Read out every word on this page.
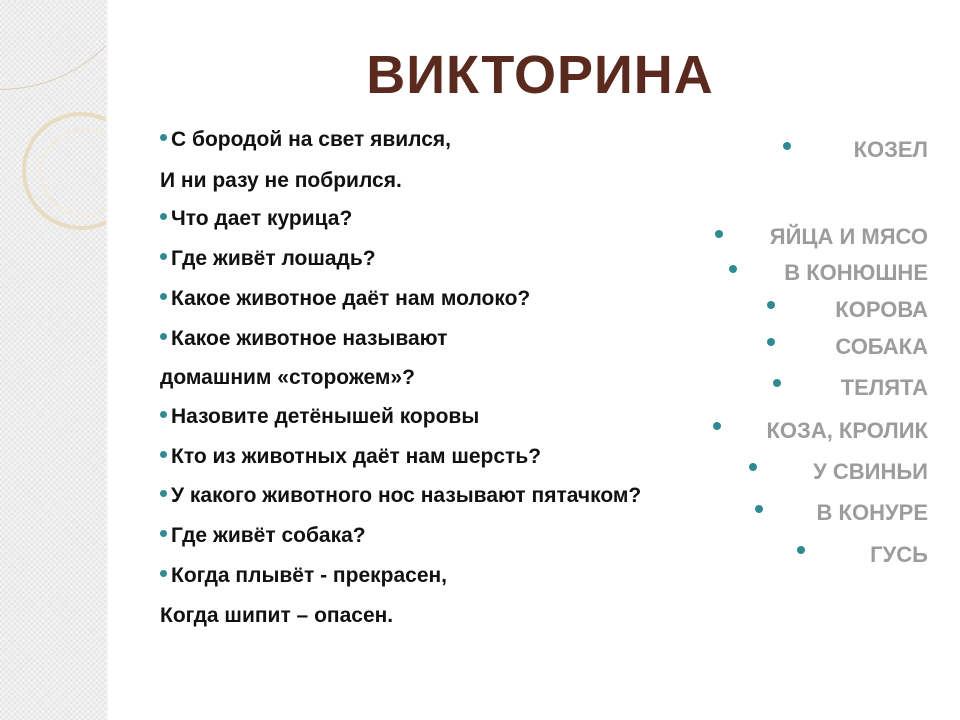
ВИКТОРИНА
С бородой на свет явился,
И ни разу не побрился.
Что дает курица?
Где живёт лошадь?
Какое животное даёт нам молоко?
Какое животное называют
домашним «сторожем»?
Назовите детёнышей коровы
Кто из животных даёт нам шерсть?
У какого животного нос называют пятачком?
Где живёт собака?
Когда плывёт - прекрасен,
Когда шипит – опасен.
КОЗЕЛ
ЯЙЦА И МЯСО
В КОНЮШНЕ
КОРОВА
СОБАКА
ТЕЛЯТА
КОЗА, КРОЛИК
У СВИНЬИ
В КОНУРЕ
ГУСЬ
